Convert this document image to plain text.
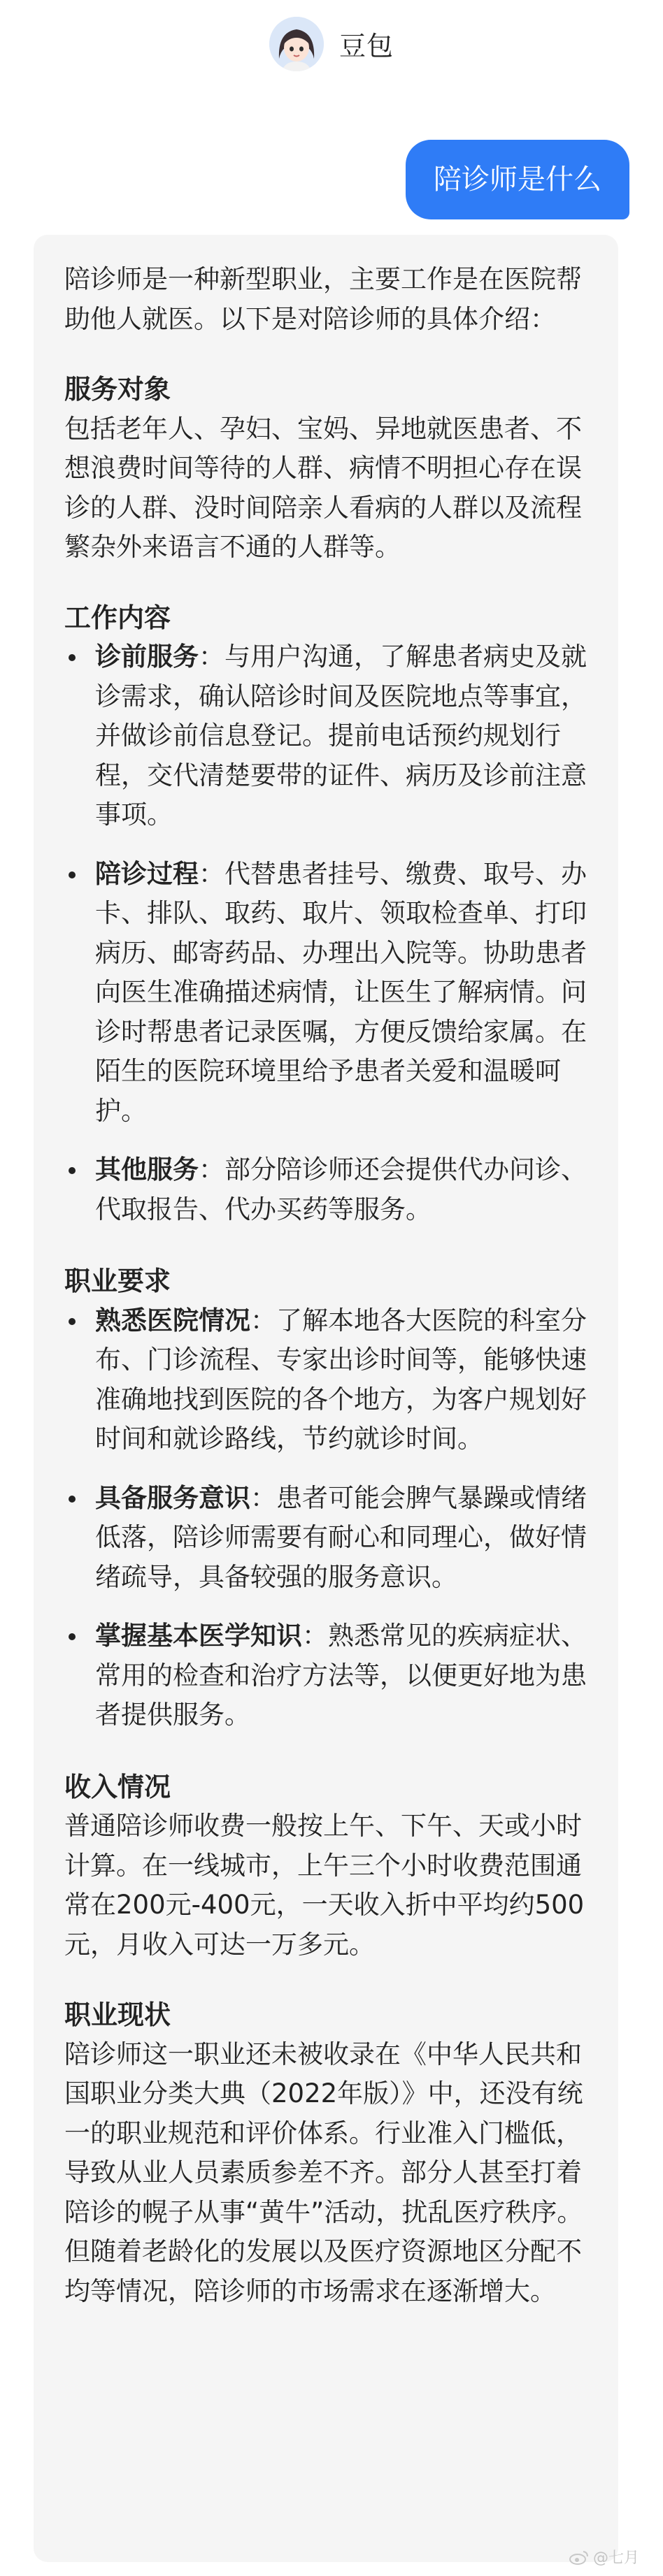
豆包
陪诊师是什么

陪诊师是一种新型职业，主要工作是在医院帮助他人就医。以下是对陪诊师的具体介绍：

服务对象

包括老年人、孕妇、宝妈、异地就医患者、不想浪费时间等待的人群、病情不明担心存在误诊的人群、没时间陪亲人看病的人群以及流程繁杂外来语言不通的人群等。

工作内容

诊前服务：与用户沟通，了解患者病史及就诊需求，确认陪诊时间及医院地点等事宜，并做诊前信息登记。提前电话预约规划行程，交代清楚要带的证件、病历及诊前注意事项。
陪诊过程：代替患者挂号、缴费、取号、办卡、排队、取药、取片、领取检查单、打印病历、邮寄药品、办理出入院等。协助患者向医生准确描述病情，让医生了解病情。问诊时帮患者记录医嘱，方便反馈给家属。在陌生的医院环境里给予患者关爱和温暖呵护。
其他服务：部分陪诊师还会提供代办问诊、代取报告、代办买药等服务。

职业要求

熟悉医院情况：了解本地各大医院的科室分布、门诊流程、专家出诊时间等，能够快速准确地找到医院的各个地方，为客户规划好时间和就诊路线，节约就诊时间。
具备服务意识：患者可能会脾气暴躁或情绪低落，陪诊师需要有耐心和同理心，做好情绪疏导，具备较强的服务意识。
掌握基本医学知识：熟悉常见的疾病症状、常用的检查和治疗方法等，以便更好地为患者提供服务。

收入情况

普通陪诊师收费一般按上午、下午、天或小时计算。在一线城市，上午三个小时收费范围通常在200元-400元，一天收入折中平均约500元，月收入可达一万多元。

职业现状

陪诊师这一职业还未被收录在《中华人民共和国职业分类大典（2022年版）》中，还没有统一的职业规范和评价体系。行业准入门槛低，导致从业人员素质参差不齐。部分人甚至打着陪诊的幌子从事“黄牛”活动，扰乱医疗秩序。但随着老龄化的发展以及医疗资源地区分配不均等情况，陪诊师的市场需求在逐渐增大。

@七月
